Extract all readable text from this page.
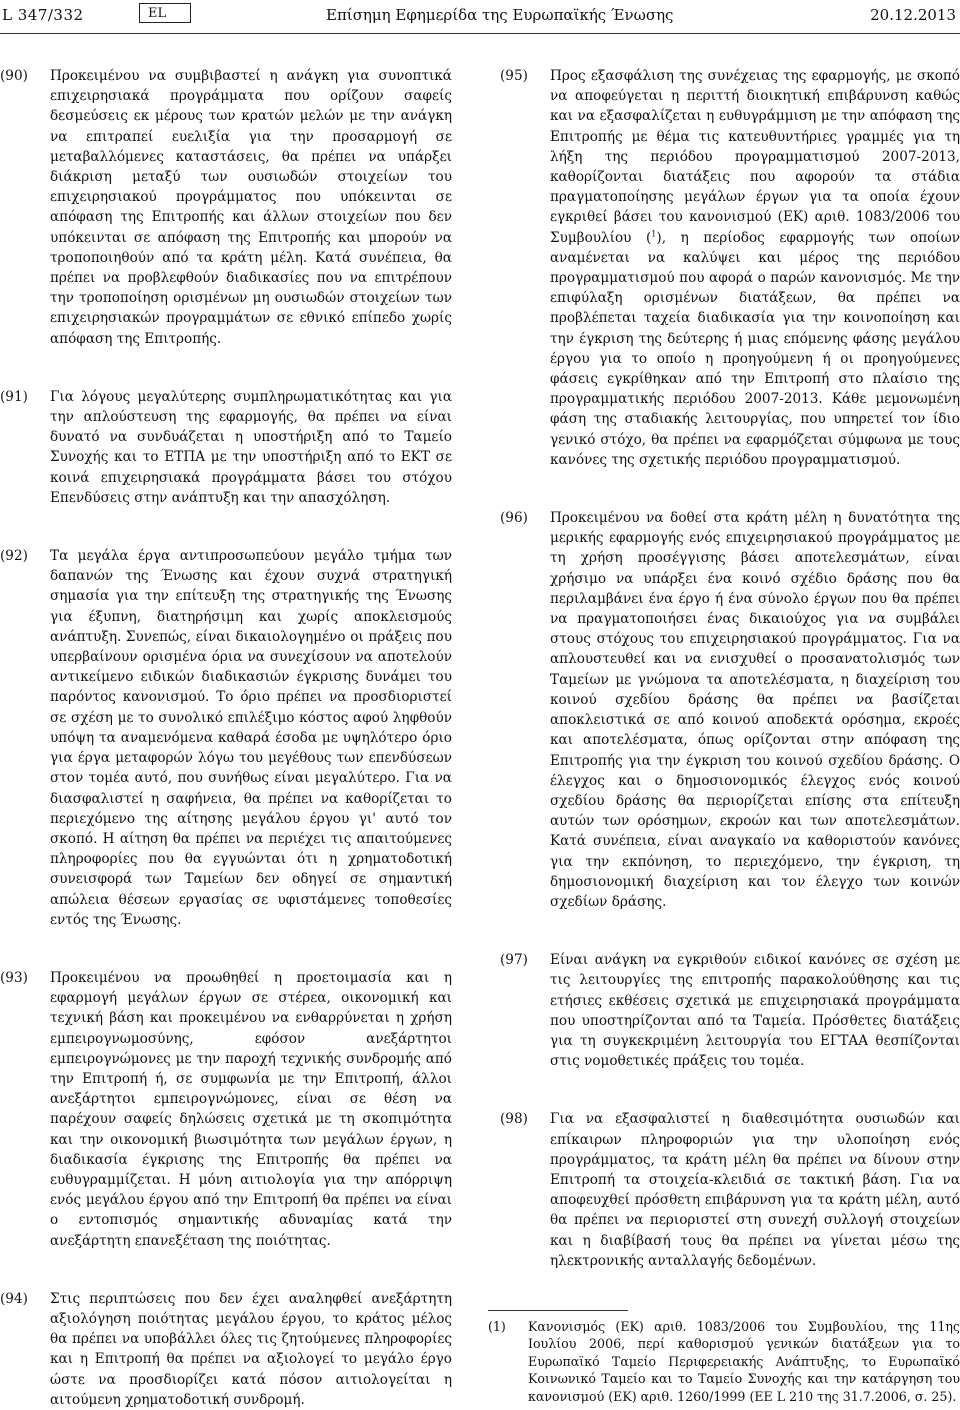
L 347/332	EL	Επίσημη Εφημερίδα της Ευρωπαϊκής Ένωσης	20.12.2013

(90)	Προκειμένου να συμβιβαστεί η ανάγκη για συνοπτικά επιχειρησιακά προγράμματα που ορίζουν σαφείς δεσμεύσεις εκ μέρους των κρατών μελών με την ανάγκη να επιτραπεί ευελιξία για την προσαρμογή σε μεταβαλλόμενες καταστάσεις, θα πρέπει να υπάρξει διάκριση μεταξύ των ουσιωδών στοιχείων του επιχειρησιακού προγράμματος που υπόκεινται σε απόφαση της Επιτροπής και άλλων στοιχείων που δεν υπόκεινται σε απόφαση της Επιτροπής και μπορούν να τροποποιηθούν από τα κράτη μέλη. Κατά συνέπεια, θα πρέπει να προβλεφθούν διαδικασίες που να επιτρέπουν την τροποποίηση ορισμένων μη ουσιωδών στοιχείων των επιχειρησιακών προγραμμάτων σε εθνικό επίπεδο χωρίς απόφαση της Επιτροπής.

(91)	Για λόγους μεγαλύτερης συμπληρωματικότητας και για την απλούστευση της εφαρμογής, θα πρέπει να είναι δυνατό να συνδυάζεται η υποστήριξη από το Ταμείο Συνοχής και το ΕΤΠΑ με την υποστήριξη από το ΕΚΤ σε κοινά επιχειρησιακά προγράμματα βάσει του στόχου Επενδύσεις στην ανάπτυξη και την απασχόληση.

(92)	Τα μεγάλα έργα αντιπροσωπεύουν μεγάλο τμήμα των δαπανών της Ένωσης και έχουν συχνά στρατηγική σημασία για την επίτευξη της στρατηγικής της Ένωσης για έξυπνη, διατηρήσιμη και χωρίς αποκλεισμούς ανάπτυξη. Συνεπώς, είναι δικαιολογημένο οι πράξεις που υπερβαίνουν ορισμένα όρια να συνεχίσουν να αποτελούν αντικείμενο ειδικών διαδικασιών έγκρισης δυνάμει του παρόντος κανονισμού. Το όριο πρέπει να προσδιοριστεί σε σχέση με το συνολικό επιλέξιμο κόστος αφού ληφθούν υπόψη τα αναμενόμενα καθαρά έσοδα με υψηλότερο όριο για έργα μεταφορών λόγω του μεγέθους των επενδύσεων στον τομέα αυτό, που συνήθως είναι μεγαλύτερο. Για να διασφαλιστεί η σαφήνεια, θα πρέπει να καθορίζεται το περιεχόμενο της αίτησης μεγάλου έργου γι' αυτό τον σκοπό. Η αίτηση θα πρέπει να περιέχει τις απαιτούμενες πληροφορίες που θα εγγυώνται ότι η χρηματοδοτική συνεισφορά των Ταμείων δεν οδηγεί σε σημαντική απώλεια θέσεων εργασίας σε υφιστάμενες τοποθεσίες εντός της Ένωσης.

(93)	Προκειμένου να προωθηθεί η προετοιμασία και η εφαρμογή μεγάλων έργων σε στέρεα, οικονομική και τεχνική βάση και προκειμένου να ενθαρρύνεται η χρήση εμπειρογνωμοσύνης, εφόσον ανεξάρτητοι εμπειρογνώμονες με την παροχή τεχνικής συνδρομής από την Επιτροπή ή, σε συμφωνία με την Επιτροπή, άλλοι ανεξάρτητοι εμπειρογνώμονες, είναι σε θέση να παρέχουν σαφείς δηλώσεις σχετικά με τη σκοπιμότητα και την οικονομική βιωσιμότητα των μεγάλων έργων, η διαδικασία έγκρισης της Επιτροπής θα πρέπει να ευθυγραμμίζεται. Η μόνη αιτιολογία για την απόρριψη ενός μεγάλου έργου από την Επιτροπή θα πρέπει να είναι ο εντοπισμός σημαντικής αδυναμίας κατά την ανεξάρτητη επανεξέταση της ποιότητας.

(94)	Στις περιπτώσεις που δεν έχει αναληφθεί ανεξάρτητη αξιολόγηση ποιότητας μεγάλου έργου, το κράτος μέλος θα πρέπει να υποβάλλει όλες τις ζητούμενες πληροφορίες και η Επιτροπή θα πρέπει να αξιολογεί το μεγάλο έργο ώστε να προσδιορίζει κατά πόσον αιτιολογείται η αιτούμενη χρηματοδοτική συνδρομή.

(95)	Προς εξασφάλιση της συνέχειας της εφαρμογής, με σκοπό να αποφεύγεται η περιττή διοικητική επιβάρυνση καθώς και να εξασφαλίζεται η ευθυγράμμιση με την απόφαση της Επιτροπής με θέμα τις κατευθυντήριες γραμμές για τη λήξη της περιόδου προγραμματισμού 2007-2013, καθορίζονται διατάξεις που αφορούν τα στάδια πραγματοποίησης μεγάλων έργων για τα οποία έχουν εγκριθεί βάσει του κανονισμού (ΕΚ) αριθ. 1083/2006 του Συμβουλίου ($^1$), η περίοδος εφαρμογής των οποίων αναμένεται να καλύψει και μέρος της περιόδου προγραμματισμού που αφορά ο παρών κανονισμός. Με την επιφύλαξη ορισμένων διατάξεων, θα πρέπει να προβλέπεται ταχεία διαδικασία για την κοινοποίηση και την έγκριση της δεύτερης ή μιας επόμενης φάσης μεγάλου έργου για το οποίο η προηγούμενη ή οι προηγούμενες φάσεις εγκρίθηκαν από την Επιτροπή στο πλαίσιο της προγραμματικής περιόδου 2007-2013. Κάθε μεμονωμένη φάση της σταδιακής λειτουργίας, που υπηρετεί τον ίδιο γενικό στόχο, θα πρέπει να εφαρμόζεται σύμφωνα με τους κανόνες της σχετικής περιόδου προγραμματισμού.

(96)	Προκειμένου να δοθεί στα κράτη μέλη η δυνατότητα της μερικής εφαρμογής ενός επιχειρησιακού προγράμματος με τη χρήση προσέγγισης βάσει αποτελεσμάτων, είναι χρήσιμο να υπάρξει ένα κοινό σχέδιο δράσης που θα περιλαμβάνει ένα έργο ή ένα σύνολο έργων που θα πρέπει να πραγματοποιήσει ένας δικαιούχος για να συμβάλει στους στόχους του επιχειρησιακού προγράμματος. Για να απλουστευθεί και να ενισχυθεί ο προσανατολισμός των Ταμείων με γνώμονα τα αποτελέσματα, η διαχείριση του κοινού σχεδίου δράσης θα πρέπει να βασίζεται αποκλειστικά σε από κοινού αποδεκτά ορόσημα, εκροές και αποτελέσματα, όπως ορίζονται στην απόφαση της Επιτροπής για την έγκριση του κοινού σχεδίου δράσης. Ο έλεγχος και ο δημοσιονομικός έλεγχος ενός κοινού σχεδίου δράσης θα περιορίζεται επίσης στα επίτευξη αυτών των ορόσημων, εκροών και των αποτελεσμάτων. Κατά συνέπεια, είναι αναγκαίο να καθοριστούν κανόνες για την εκπόνηση, το περιεχόμενο, την έγκριση, τη δημοσιονομική διαχείριση και τον έλεγχο των κοινών σχεδίων δράσης.

(97)	Είναι ανάγκη να εγκριθούν ειδικοί κανόνες σε σχέση με τις λειτουργίες της επιτροπής παρακολούθησης και τις ετήσιες εκθέσεις σχετικά με επιχειρησιακά προγράμματα που υποστηρίζονται από τα Ταμεία. Πρόσθετες διατάξεις για τη συγκεκριμένη λειτουργία του ΕΓΤΑΑ θεσπίζονται στις νομοθετικές πράξεις του τομέα.

(98)	Για να εξασφαλιστεί η διαθεσιμότητα ουσιωδών και επίκαιρων πληροφοριών για την υλοποίηση ενός προγράμματος, τα κράτη μέλη θα πρέπει να δίνουν στην Επιτροπή τα στοιχεία-κλειδιά σε τακτική βάση. Για να αποφευχθεί πρόσθετη επιβάρυνση για τα κράτη μέλη, αυτό θα πρέπει να περιοριστεί στη συνεχή συλλογή στοιχείων και η διαβίβασή τους θα πρέπει να γίνεται μέσω της ηλεκτρονικής ανταλλαγής δεδομένων.

(1) Κανονισμός (ΕΚ) αριθ. 1083/2006 του Συμβουλίου, της 11ης Ιουλίου 2006, περί καθορισμού γενικών διατάξεων για το Ευρωπαϊκό Ταμείο Περιφερειακής Ανάπτυξης, το Ευρωπαϊκό Κοινωνικό Ταμείο και το Ταμείο Συνοχής και την κατάργηση του κανονισμού (ΕΚ) αριθ. 1260/1999 (ΕΕ L 210 της 31.7.2006, σ. 25).
